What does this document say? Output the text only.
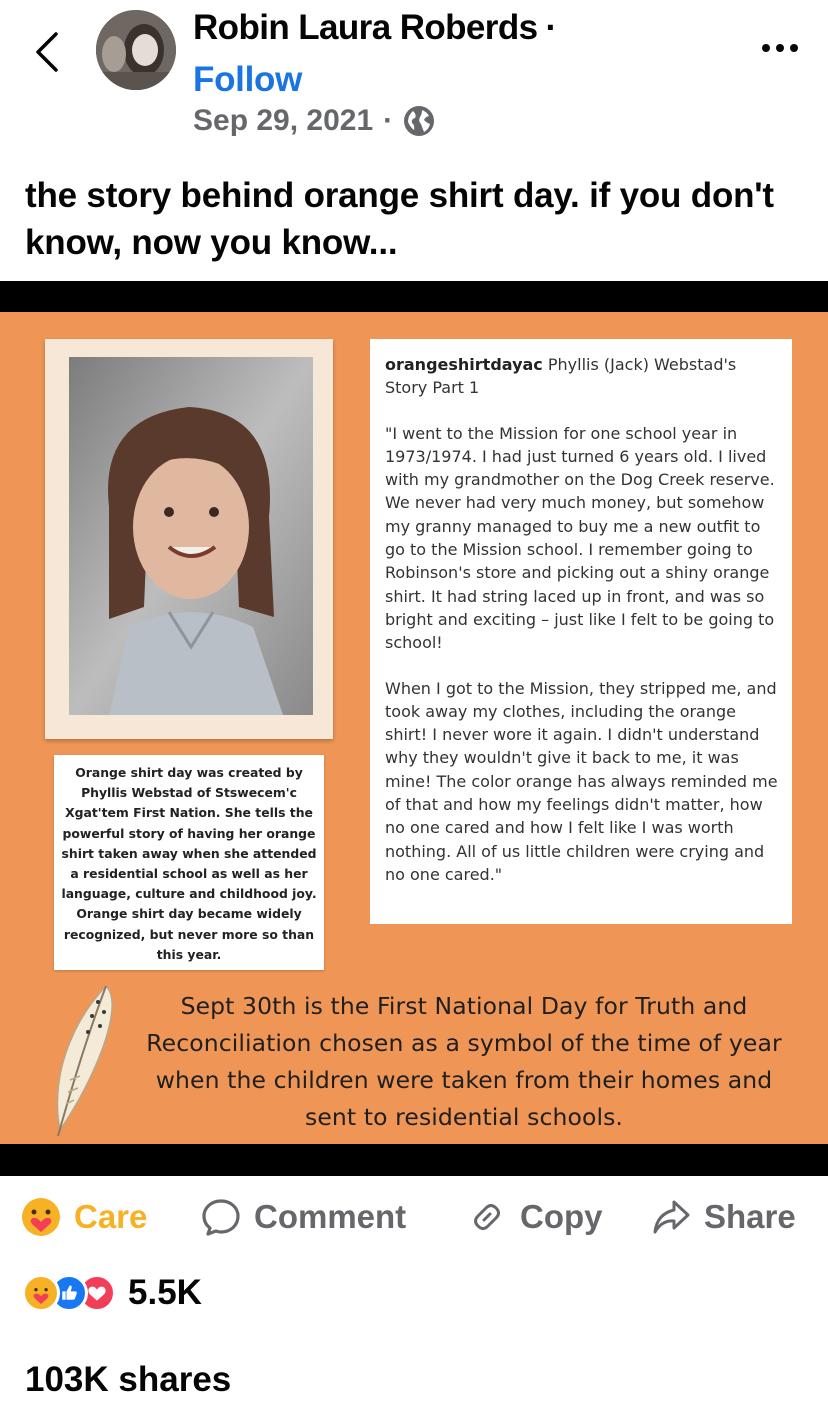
Robin Laura Roberds ·
Follow
Sep 29, 2021 ·
the story behind orange shirt day. if you don't know, now you know...
Orange shirt day was created by Phyllis Webstad of Stswecem'c Xgat'tem First Nation. She tells the powerful story of having her orange shirt taken away when she attended a residential school as well as her language, culture and childhood joy. Orange shirt day became widely recognized, but never more so than this year.
orangeshirtdayac Phyllis (Jack) Webstad's Story Part 1
"I went to the Mission for one school year in 1973/1974. I had just turned 6 years old. I lived with my grandmother on the Dog Creek reserve. We never had very much money, but somehow my granny managed to buy me a new outfit to go to the Mission school. I remember going to Robinson's store and picking out a shiny orange shirt. It had string laced up in front, and was so bright and exciting – just like I felt to be going to school!
When I got to the Mission, they stripped me, and took away my clothes, including the orange shirt! I never wore it again. I didn't understand why they wouldn't give it back to me, it was mine! The color orange has always reminded me of that and how my feelings didn't matter, how no one cared and how I felt like I was worth nothing. All of us little children were crying and no one cared."
Sept 30th is the First National Day for Truth and Reconciliation chosen as a symbol of the time of year when the children were taken from their homes and sent to residential schools.
Care	Comment	Copy	Share
5.5K
103K shares
